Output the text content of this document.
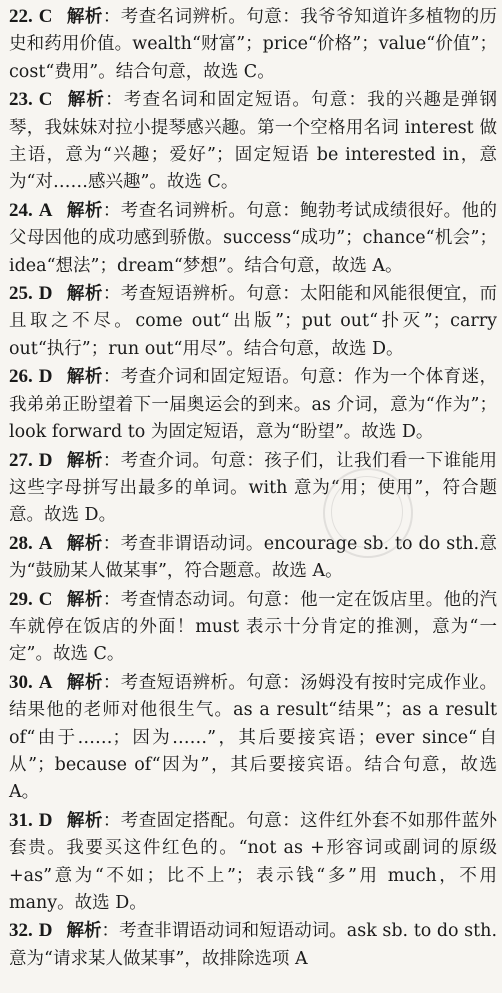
22. C 解析：考查名词辨析。句意：我爷爷知道许多植物的历史和药用价值。wealth“财富”；price“价格”；value“价值”；cost“费用”。结合句意，故选 C。

23. C 解析：考查名词和固定短语。句意：我的兴趣是弹钢琴，我妹妹对拉小提琴感兴趣。第一个空格用名词 interest 做主语，意为“兴趣；爱好”；固定短语 be interested in，意为“对……感兴趣”。故选 C。

24. A 解析：考查名词辨析。句意：鲍勃考试成绩很好。他的父母因他的成功感到骄傲。success“成功”；chance“机会”；idea“想法”；dream“梦想”。结合句意，故选 A。

25. D 解析：考查短语辨析。句意：太阳能和风能很便宜，而且取之不尽。come out“出版”；put out“扑灭”；carry out“执行”；run out“用尽”。结合句意，故选 D。

26. D 解析：考查介词和固定短语。句意：作为一个体育迷，我弟弟正盼望着下一届奥运会的到来。as 介词，意为“作为”；look forward to 为固定短语，意为“盼望”。故选 D。

27. D 解析：考查介词。句意：孩子们，让我们看一下谁能用这些字母拼写出最多的单词。with 意为“用；使用”，符合题意。故选 D。

28. A 解析：考查非谓语动词。encourage sb. to do sth.意为“鼓励某人做某事”，符合题意。故选 A。

29. C 解析：考查情态动词。句意：他一定在饭店里。他的汽车就停在饭店的外面！must 表示十分肯定的推测，意为“一定”。故选 C。

30. A 解析：考查短语辨析。句意：汤姆没有按时完成作业。结果他的老师对他很生气。as a result“结果”；as a result of“由于……；因为……”，其后要接宾语；ever since“自从”；because of“因为”，其后要接宾语。结合句意，故选 A。

31. D 解析：考查固定搭配。句意：这件红外套不如那件蓝外套贵。我要买这件红色的。“not as +形容词或副词的原级+as”意为“不如；比不上”；表示钱“多”用 much，不用 many。故选 D。

32. D 解析：考查非谓语动词和短语动词。ask sb. to do sth.意为“请求某人做某事”，故排除选项 A
